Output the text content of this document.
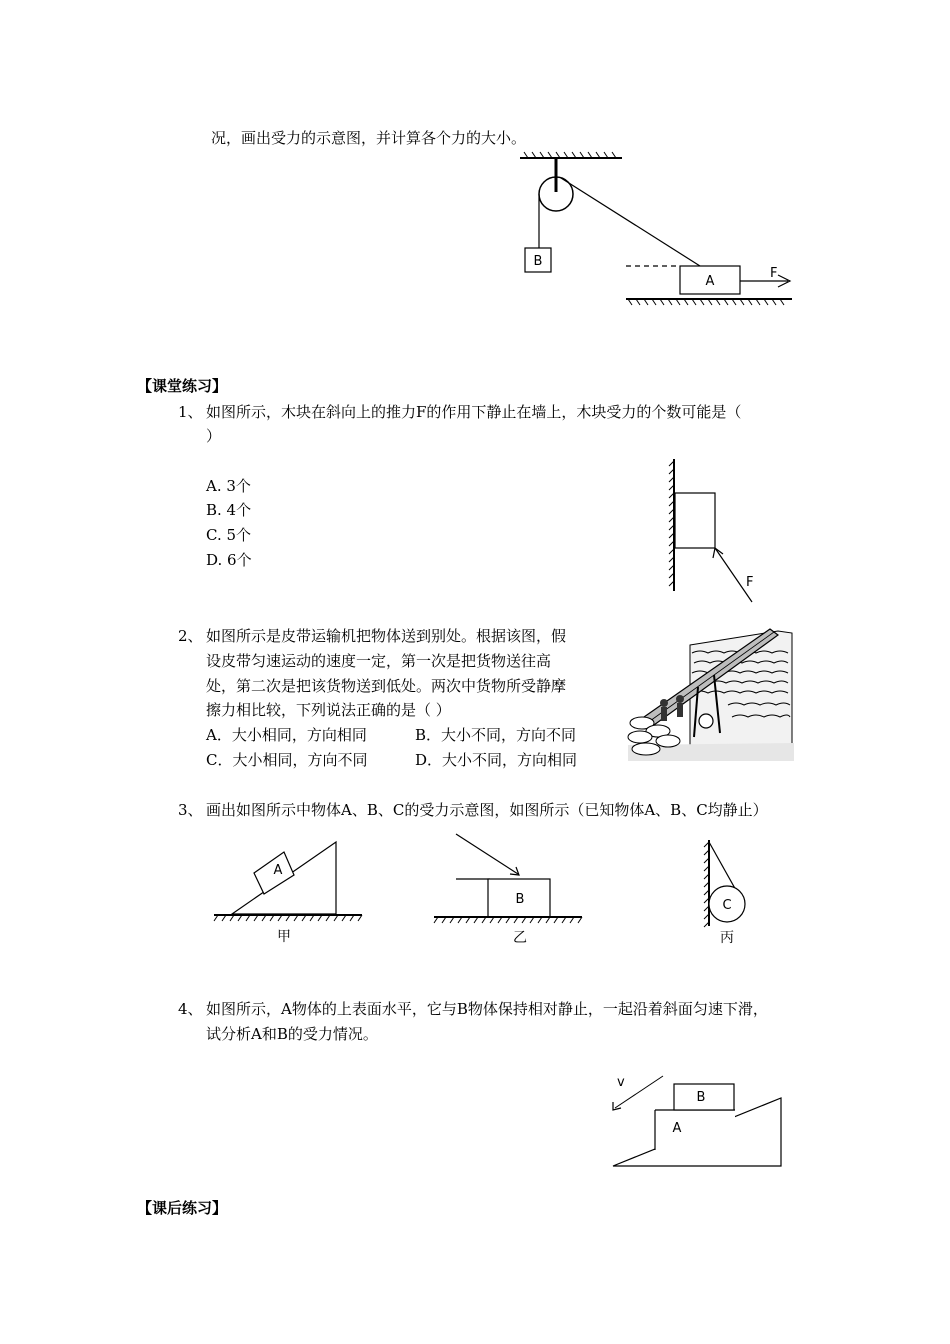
况，画出受力的示意图，并计算各个力的大小。
B
A
F
【课堂练习】
1、 如图所示，木块在斜向上的推力F的作用下静止在墙上，木块受力的个数可能是（
）
A. 3个
B. 4个
C. 5个
D. 6个
F
2、 如图所示是皮带运输机把物体送到别处。根据该图，假
设皮带匀速运动的速度一定，第一次是把货物送往高
处，第二次是把该货物送到低处。两次中货物所受静摩
擦力相比较，下列说法正确的是（ ）
A．大小相同，方向相同	B．大小不同，方向不同
C．大小相同，方向不同	D．大小不同，方向相同
3、 画出如图所示中物体A、B、C的受力示意图，如图所示（已知物体A、B、C均静止）
A
甲
B
乙
C
丙
4、 如图所示，A物体的上表面水平，它与B物体保持相对静止，一起沿着斜面匀速下滑，
试分析A和B的受力情况。
B
A
v
【课后练习】
